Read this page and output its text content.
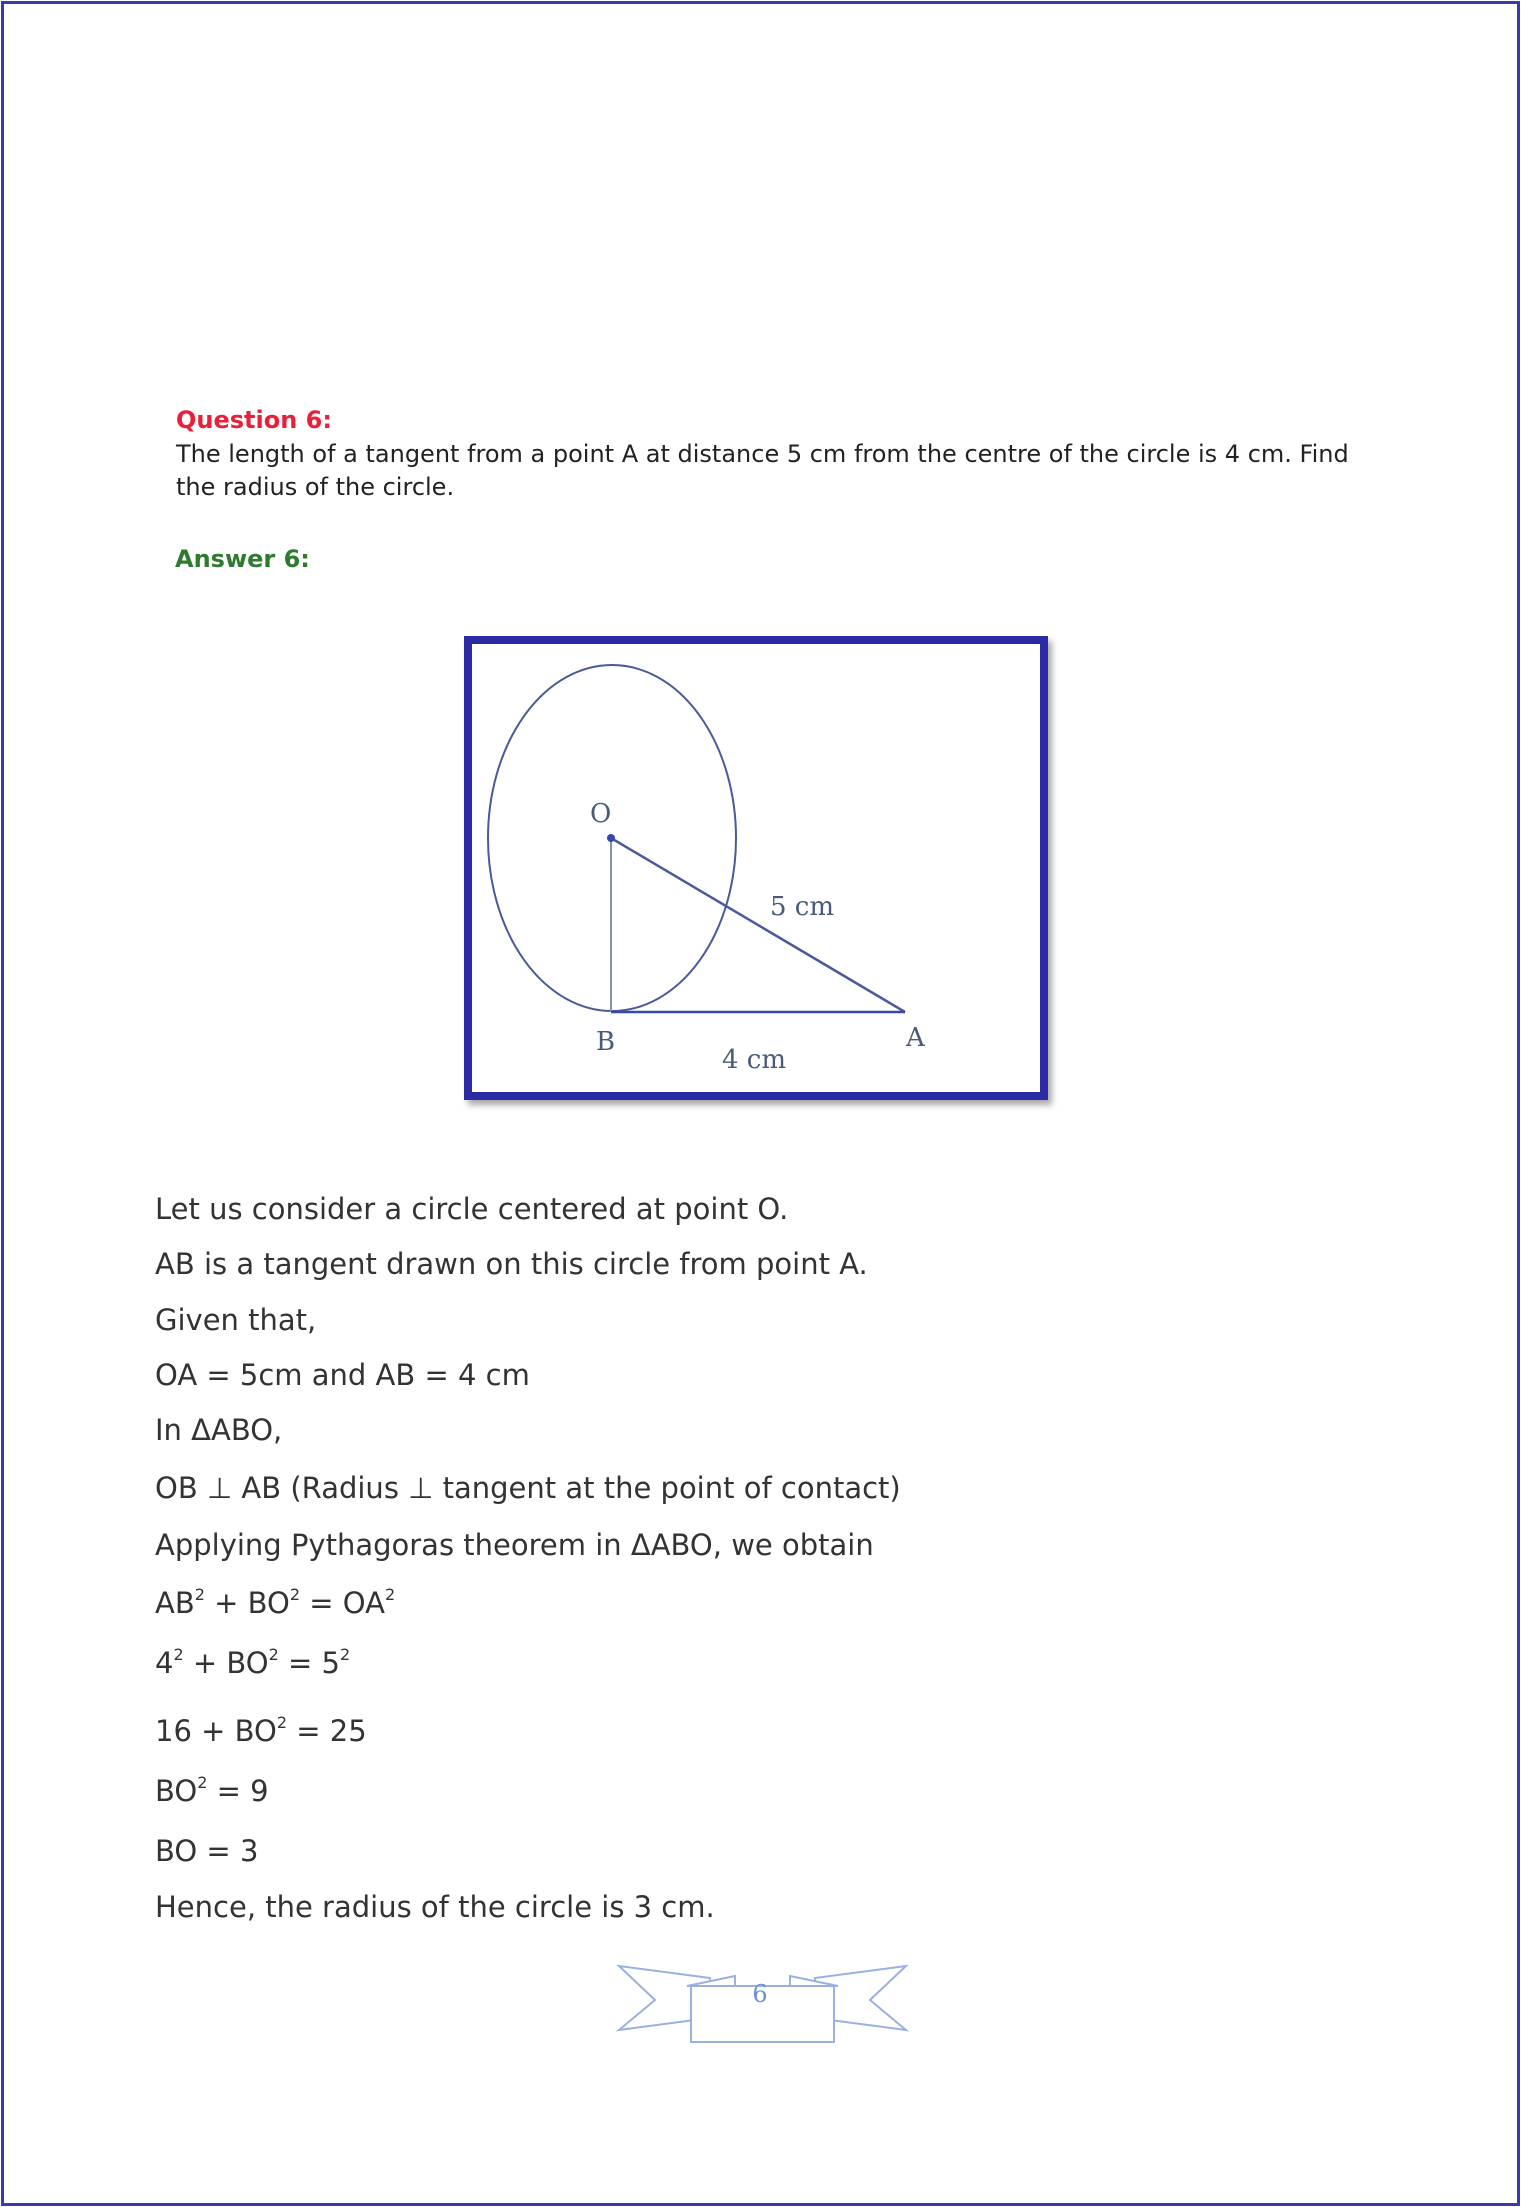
Question 6:
The length of a tangent from a point A at distance 5 cm from the centre of the circle is 4 cm. Find the radius of the circle.
Answer 6:
O
B	A
5 cm
4 cm
Let us consider a circle centered at point O.
AB is a tangent drawn on this circle from point A.
Given that,
OA = 5cm and AB = 4 cm
In ΔABO,
OB ⊥ AB (Radius ⊥ tangent at the point of contact)
Applying Pythagoras theorem in ΔABO, we obtain
$AB^2 + BO^2 = OA^2$
$4^2 + BO^2 = 5^2$
$16 + BO^2 = 25$
$BO^2 = 9$
BO = 3
Hence, the radius of the circle is 3 cm.
6
